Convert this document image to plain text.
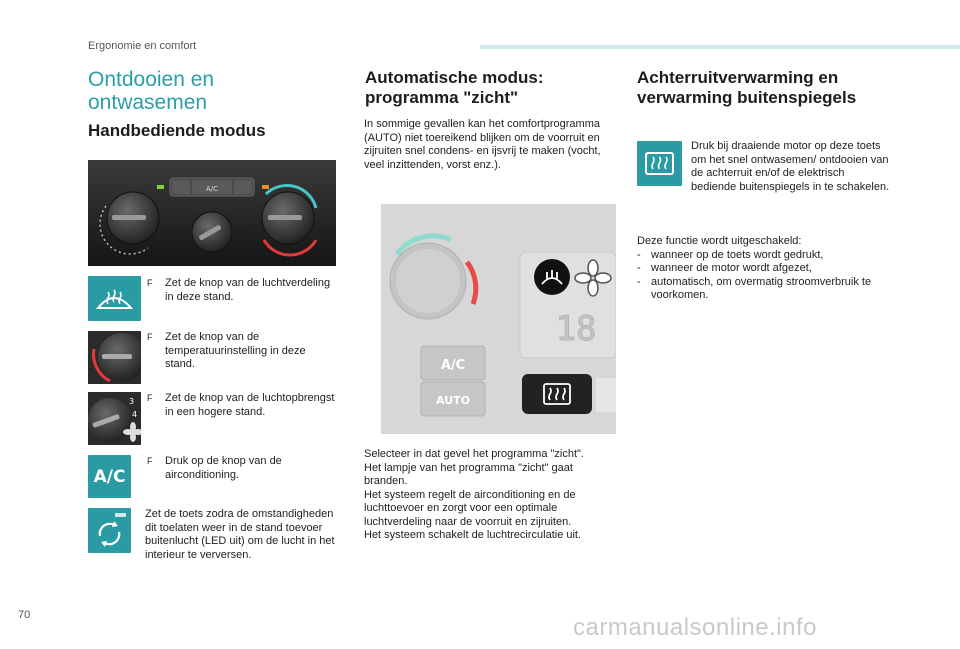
Ergonomie en comfort
Ontdooien en
ontwasemen
Handbediende modus
A/C
F	Zet de knop van de luchtverdeling in deze stand.
F	Zet de knop van de temperatuurinstelling in deze stand.
3
4
F	Zet de knop van de luchtopbrengst in een hogere stand.
A/C
F	Druk op de knop van de airconditioning.
Zet de toets zodra de omstandigheden dit toelaten weer in de stand toevoer buitenlucht (LED uit) om de lucht in het interieur te verversen.
Automatische modus:
programma "zicht"
In sommige gevallen kan het comfortprogramma (AUTO) niet toereikend blijken om de voorruit en zijruiten snel condens- en ijsvrij te maken (vocht, veel inzittenden, vorst enz.).
18
A/C
AUTO
Selecteer in dat gevel het programma "zicht".
Het lampje van het programma "zicht" gaat branden.
Het systeem regelt de airconditioning en de luchttoevoer en zorgt voor een optimale luchtverdeling naar de voorruit en zijruiten.
Het systeem schakelt de luchtrecirculatie uit.
Achterruitverwarming en
verwarming buitenspiegels
Druk bij draaiende motor op deze toets om het snel ontwasemen/ ontdooien van de achterruit en/of de elektrisch bediende buitenspiegels in te schakelen.
Deze functie wordt uitgeschakeld:
- wanneer op de toets wordt gedrukt,
- wanneer de motor wordt afgezet,
- automatisch, om overmatig stroomverbruik te voorkomen.
70	carmanualsonline.info
